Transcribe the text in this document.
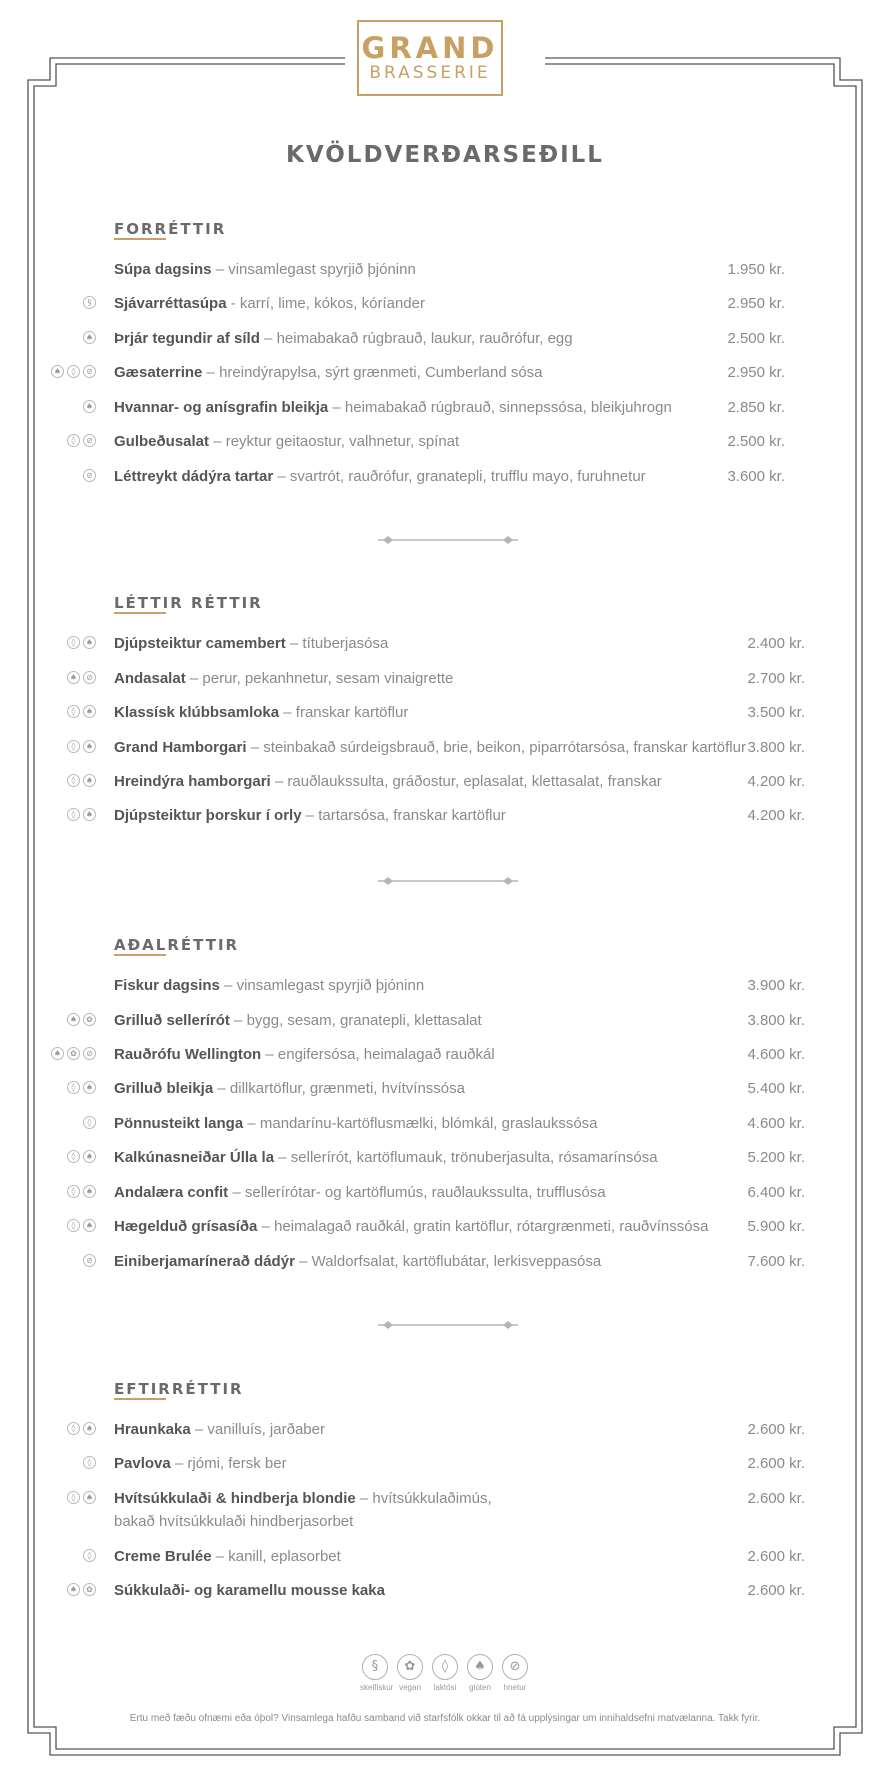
GRAND
BRASSERIE
KVÖLDVERÐARSEÐILL
FORRÉTTIR
Súpa dagsins – vinsamlegast spyrjið þjóninn	1.950 kr.
§	Sjávarréttasúpa - karrí, lime, kókos, kóríander	2.950 kr.
♠ Þrjár tegundir af síld – heimabakað rúgbrauð, laukur, rauðrófur, egg	2.500 kr.
♠	◊	⊘ Gæsaterrine – hreindýrapylsa, sýrt grænmeti, Cumberland sósa	2.950 kr.
♠ Hvannar- og anísgrafin bleikja – heimabakað rúgbrauð, sinnepssósa, bleikjuhrogn	2.850 kr.
◊	⊘ Gulbeðusalat – reyktur geitaostur, valhnetur, spínat	2.500 kr.
⊘ Léttreykt dádýra tartar – svartrót, rauðrófur, granatepli, trufflu mayo, furuhnetur	3.600 kr.
LÉTTIR RÉTTIR
◊	♠ Djúpsteiktur camembert – títuberjasósa	2.400 kr.
♠	⊘ Andasalat – perur, pekanhnetur, sesam vinaigrette	2.700 kr.
◊	♠ Klassísk klúbbsamloka – franskar kartöflur	3.500 kr.
◊	♠ Grand Hamborgari – steinbakað súrdeigsbrauð, brie, beikon, piparrótarsósa, franskar kartöflur 3.800 kr.
◊	♠ Hreindýra hamborgari – rauðlaukssulta, gráðostur, eplasalat, klettasalat, franskar	4.200 kr.
◊	♠ Djúpsteiktur þorskur í orly – tartarsósa, franskar kartöflur	4.200 kr.
AÐALRÉTTIR
Fiskur dagsins – vinsamlegast spyrjið þjóninn	3.900 kr.
♠	✿ Grilluð sellerírót – bygg, sesam, granatepli, klettasalat	3.800 kr.
♠	✿	⊘ Rauðrófu Wellington – engifersósa, heimalagað rauðkál	4.600 kr.
◊	♠ Grilluð bleikja – dillkartöflur, grænmeti, hvítvínssósa	5.400 kr.
◊	Pönnusteikt langa – mandarínu-kartöflusmælki, blómkál, graslaukssósa	4.600 kr.
◊	♠ Kalkúnasneiðar Úlla la – sellerírót, kartöflumauk, trönuberjasulta, rósamarínsósa	5.200 kr.
◊	♠ Andalæra confit – sellerírótar- og kartöflumús, rauðlaukssulta, trufflusósa	6.400 kr.
◊	♠ Hægelduð grísasíða – heimalagað rauðkál, gratin kartöflur, rótargrænmeti, rauðvínssósa	5.900 kr.
⊘ Einiberjamarínerað dádýr – Waldorfsalat, kartöflubátar, lerkisveppasósa	7.600 kr.
EFTIRRÉTTIR
◊	♠ Hraunkaka – vanilluís, jarðaber	2.600 kr.
◊	Pavlova – rjómi, fersk ber	2.600 kr.
◊	♠ Hvítsúkkulaði & hindberja blondie – hvítsúkkulaðimús,
bakað hvítsúkkulaði hindberjasorbet
2.600 kr.
◊	Creme Brulée – kanill, eplasorbet	2.600 kr.
♠	✿ Súkkulaði- og karamellu mousse kaka	2.600 kr.
§
skelfiskur
✿
vegan
◊
laktósi
♠
glúten
⊘
hnetur
Ertu með fæðu ofnæmi eða óþol? Vinsamlega hafðu samband við starfsfólk okkar til að fá upplýsingar um innihaldsefni matvælanna. Takk fyrir.
